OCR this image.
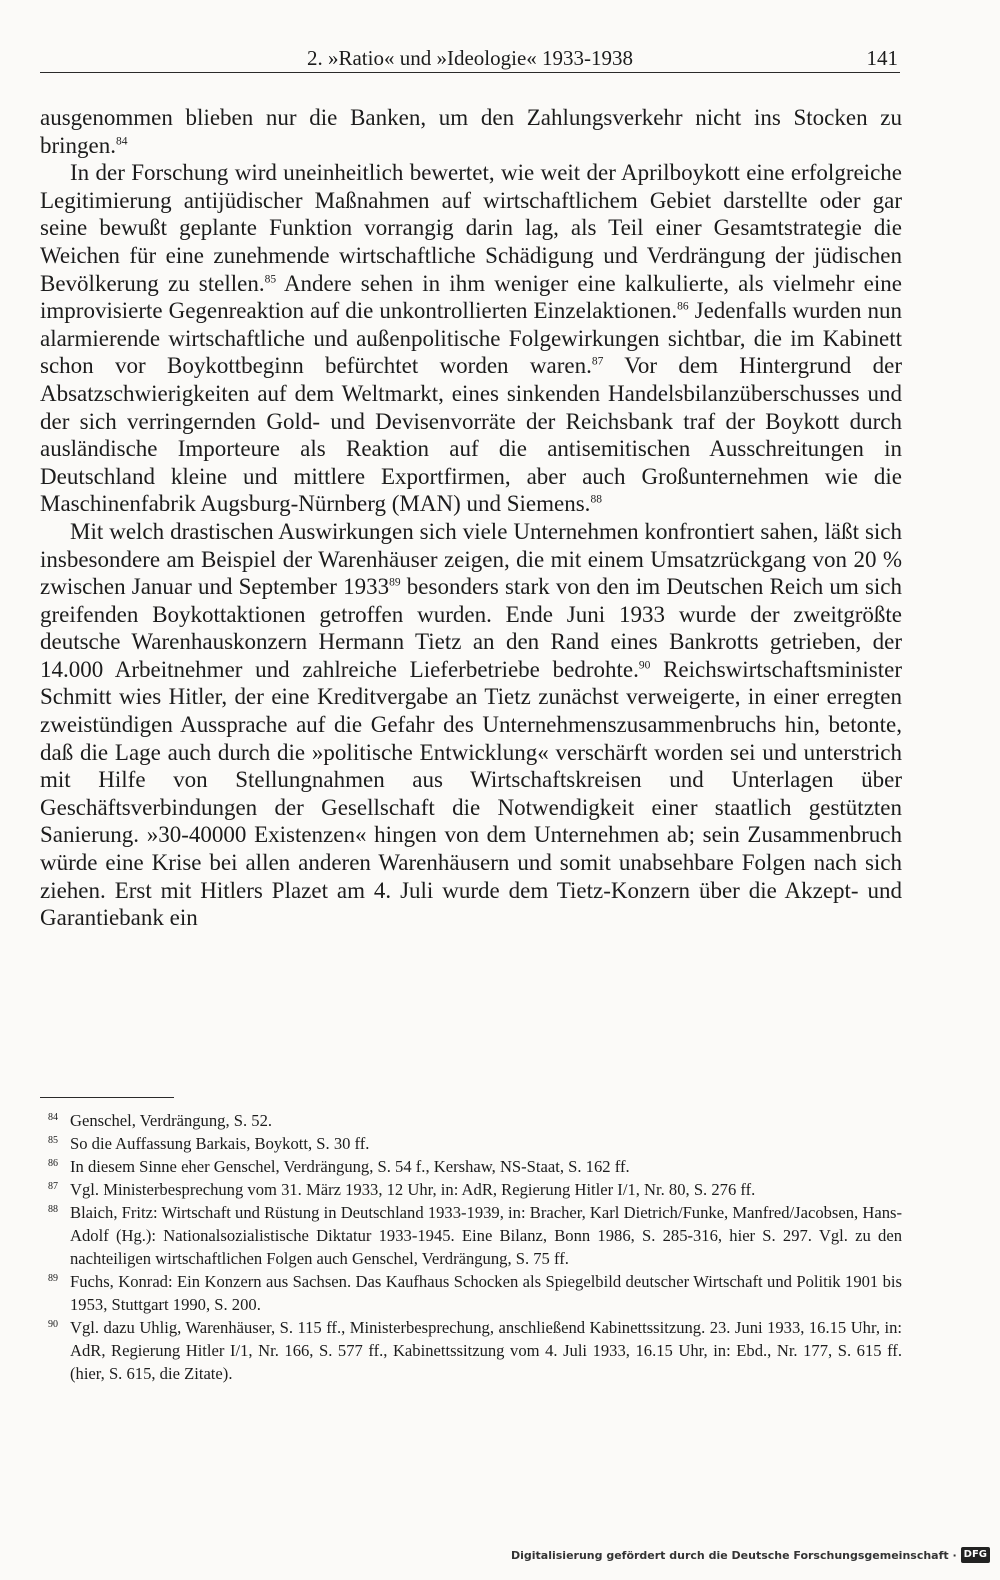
2. »Ratio« und »Ideologie« 1933-1938	141

ausgenommen blieben nur die Banken, um den Zahlungsverkehr nicht ins Stocken zu bringen.$^{84}$

In der Forschung wird uneinheitlich bewertet, wie weit der Aprilboykott eine erfolgreiche Legitimierung antijüdischer Maßnahmen auf wirtschaftlichem Gebiet darstellte oder gar seine bewußt geplante Funktion vorrangig darin lag, als Teil einer Gesamtstrategie die Weichen für eine zunehmende wirtschaftliche Schädigung und Verdrängung der jüdischen Bevölkerung zu stellen.$^{85}$ Andere sehen in ihm weniger eine kalkulierte, als vielmehr eine improvisierte Gegenreaktion auf die unkontrollierten Einzelaktionen.$^{86}$ Jedenfalls wurden nun alarmierende wirtschaftliche und außenpolitische Folgewirkungen sichtbar, die im Kabinett schon vor Boykottbeginn befürchtet worden waren.$^{87}$ Vor dem Hintergrund der Absatzschwierigkeiten auf dem Weltmarkt, eines sinkenden Handelsbilanzüberschusses und der sich verringernden Gold- und Devisenvorräte der Reichsbank traf der Boykott durch ausländische Importeure als Reaktion auf die antisemitischen Ausschreitungen in Deutschland kleine und mittlere Exportfirmen, aber auch Großunternehmen wie die Maschinenfabrik Augsburg-Nürnberg (MAN) und Siemens.$^{88}$

Mit welch drastischen Auswirkungen sich viele Unternehmen konfrontiert sahen, läßt sich insbesondere am Beispiel der Warenhäuser zeigen, die mit einem Umsatzrückgang von 20 % zwischen Januar und September 1933$^{89}$ besonders stark von den im Deutschen Reich um sich greifenden Boykottaktionen getroffen wurden. Ende Juni 1933 wurde der zweitgrößte deutsche Warenhauskonzern Hermann Tietz an den Rand eines Bankrotts getrieben, der 14.000 Arbeitnehmer und zahlreiche Lieferbetriebe bedrohte.$^{90}$ Reichswirtschaftsminister Schmitt wies Hitler, der eine Kreditvergabe an Tietz zunächst verweigerte, in einer erregten zweistündigen Aussprache auf die Gefahr des Unternehmenszusammenbruchs hin, betonte, daß die Lage auch durch die »politische Entwicklung« verschärft worden sei und unterstrich mit Hilfe von Stellungnahmen aus Wirtschaftskreisen und Unterlagen über Geschäftsverbindungen der Gesellschaft die Notwendigkeit einer staatlich gestützten Sanierung. »30-40000 Existenzen« hingen von dem Unternehmen ab; sein Zusammenbruch würde eine Krise bei allen anderen Warenhäusern und somit unabsehbare Folgen nach sich ziehen. Erst mit Hitlers Plazet am 4. Juli wurde dem Tietz-Konzern über die Akzept- und Garantiebank ein

84 Genschel, Verdrängung, S. 52.
85 So die Auffassung Barkais, Boykott, S. 30 ff.
86 In diesem Sinne eher Genschel, Verdrängung, S. 54 f., Kershaw, NS-Staat, S. 162 ff.
87 Vgl. Ministerbesprechung vom 31. März 1933, 12 Uhr, in: AdR, Regierung Hitler I/1, Nr. 80, S. 276 ff.
88 Blaich, Fritz: Wirtschaft und Rüstung in Deutschland 1933-1939, in: Bracher, Karl Dietrich/Funke, Manfred/Jacobsen, Hans-Adolf (Hg.): Nationalsozialistische Diktatur 1933-1945. Eine Bilanz, Bonn 1986, S. 285-316, hier S. 297. Vgl. zu den nachteiligen wirtschaftlichen Folgen auch Genschel, Verdrängung, S. 75 ff.
89 Fuchs, Konrad: Ein Konzern aus Sachsen. Das Kaufhaus Schocken als Spiegelbild deutscher Wirtschaft und Politik 1901 bis 1953, Stuttgart 1990, S. 200.
90 Vgl. dazu Uhlig, Warenhäuser, S. 115 ff., Ministerbesprechung, anschließend Kabinettssitzung. 23. Juni 1933, 16.15 Uhr, in: AdR, Regierung Hitler I/1, Nr. 166, S. 577 ff., Kabinettssitzung vom 4. Juli 1933, 16.15 Uhr, in: Ebd., Nr. 177, S. 615 ff. (hier, S. 615, die Zitate).
Digitalisierung gefördert durch die Deutsche Forschungsgemeinschaft · DFG
